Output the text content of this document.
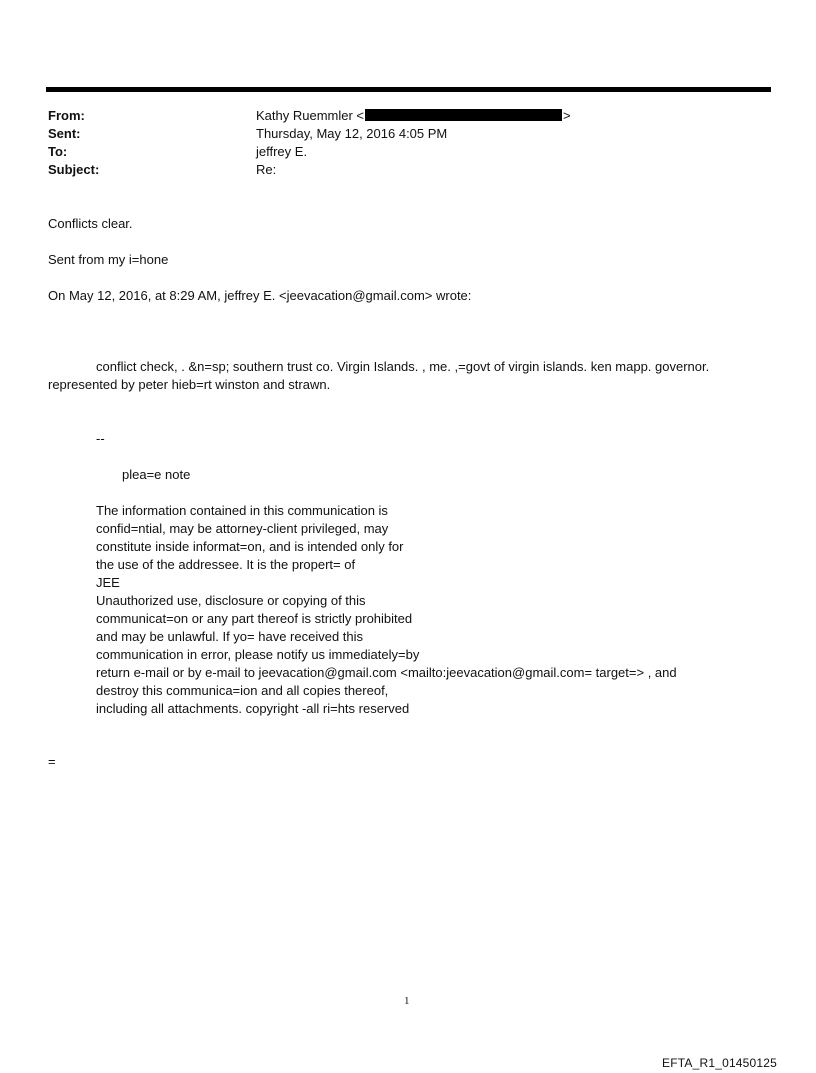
From:	Kathy Ruemmler <	>
Sent:	Thursday, May 12, 2016 4:05 PM
To:	jeffrey E.
Subject:	Re:
Conflicts clear.
Sent from my i=hone
On May 12, 2016, at 8:29 AM, jeffrey E. <jeevacation@gmail.com> wrote:
conflict check, . &n=sp; southern trust co. Virgin Islands. , me. ,=govt of virgin islands. ken mapp. governor.
represented by peter hieb=rt winston and strawn.
--
plea=e note
The information contained in this communication is
confid=ntial, may be attorney-client privileged, may
constitute inside informat=on, and is intended only for
the use of the addressee. It is the propert= of
JEE
Unauthorized use, disclosure or copying of this
communicat=on or any part thereof is strictly prohibited
and may be unlawful. If yo= have received this
communication in error, please notify us immediately=by
return e-mail or by e-mail to jeevacation@gmail.com <mailto:jeevacation@gmail.com= target=> , and
destroy this communica=ion and all copies thereof,
including all attachments. copyright -all ri=hts reserved
=
1
EFTA_R1_01450125
